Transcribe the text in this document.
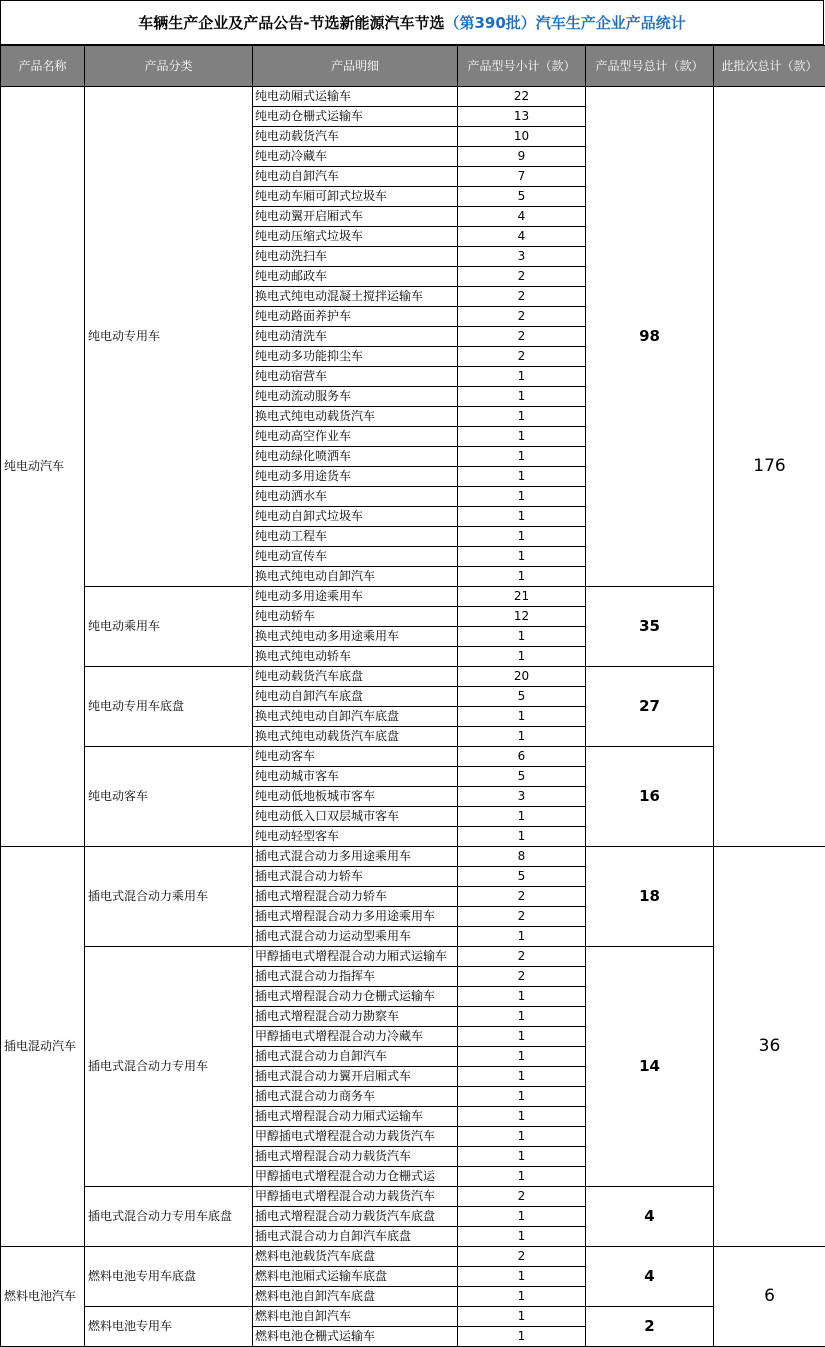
车辆生产企业及产品公告-节选新能源汽车节选 （第390批）汽车生产企业产品统计
产品名称	产品分类	产品明细	产品型号小计（款）	产品型号总计（款）	此批次总计（款）
纯电动汽车	纯电动专用车	纯电动厢式运输车	22	98	176
		纯电动仓栅式运输车	13		
		纯电动载货汽车	10		
		纯电动冷藏车	9		
		纯电动自卸汽车	7		
		纯电动车厢可卸式垃圾车	5		
		纯电动翼开启厢式车	4		
		纯电动压缩式垃圾车	4		
		纯电动洗扫车	3		
		纯电动邮政车	2		
		换电式纯电动混凝土搅拌运输车	2		
		纯电动路面养护车	2		
		纯电动清洗车	2		
		纯电动多功能抑尘车	2		
		纯电动宿营车	1		
		纯电动流动服务车	1		
		换电式纯电动载货汽车	1		
		纯电动高空作业车	1		
		纯电动绿化喷洒车	1		
		纯电动多用途货车	1		
		纯电动洒水车	1		
		纯电动自卸式垃圾车	1		
		纯电动工程车	1		
		纯电动宣传车	1		
		换电式纯电动自卸汽车	1		
	纯电动乘用车	纯电动多用途乘用车	21	35	
		纯电动轿车	12		
		换电式纯电动多用途乘用车	1		
		换电式纯电动轿车	1		
	纯电动专用车底盘	纯电动载货汽车底盘	20	27	
		纯电动自卸汽车底盘	5		
		换电式纯电动自卸汽车底盘	1		
		换电式纯电动载货汽车底盘	1		
	纯电动客车	纯电动客车	6	16	
		纯电动城市客车	5		
		纯电动低地板城市客车	3		
		纯电动低入口双层城市客车	1		
		纯电动轻型客车	1		
插电混动汽车	插电式混合动力乘用车	插电式混合动力多用途乘用车	8	18	36
		插电式混合动力轿车	5		
		插电式增程混合动力轿车	2		
		插电式增程混合动力多用途乘用车	2		
		插电式混合动力运动型乘用车	1		
	插电式混合动力专用车	甲醇插电式增程混合动力厢式运输车	2	14	
		插电式混合动力指挥车	2		
		插电式增程混合动力仓栅式运输车	1		
		插电式增程混合动力勘察车	1		
		甲醇插电式增程混合动力冷藏车	1		
		插电式混合动力自卸汽车	1		
		插电式混合动力翼开启厢式车	1		
		插电式混合动力商务车	1		
		插电式增程混合动力厢式运输车	1		
		甲醇插电式增程混合动力载货汽车	1		
		插电式增程混合动力载货汽车	1		
		甲醇插电式增程混合动力仓栅式运	1		
	插电式混合动力专用车底盘	甲醇插电式增程混合动力载货汽车	2	4	
		插电式增程混合动力载货汽车底盘	1		
		插电式混合动力自卸汽车底盘	1		
燃料电池汽车	燃料电池专用车底盘	燃料电池载货汽车底盘	2	4	6
		燃料电池厢式运输车底盘	1		
		燃料电池自卸汽车底盘	1		
	燃料电池专用车	燃料电池自卸汽车	1	2	
		燃料电池仓栅式运输车	1		
